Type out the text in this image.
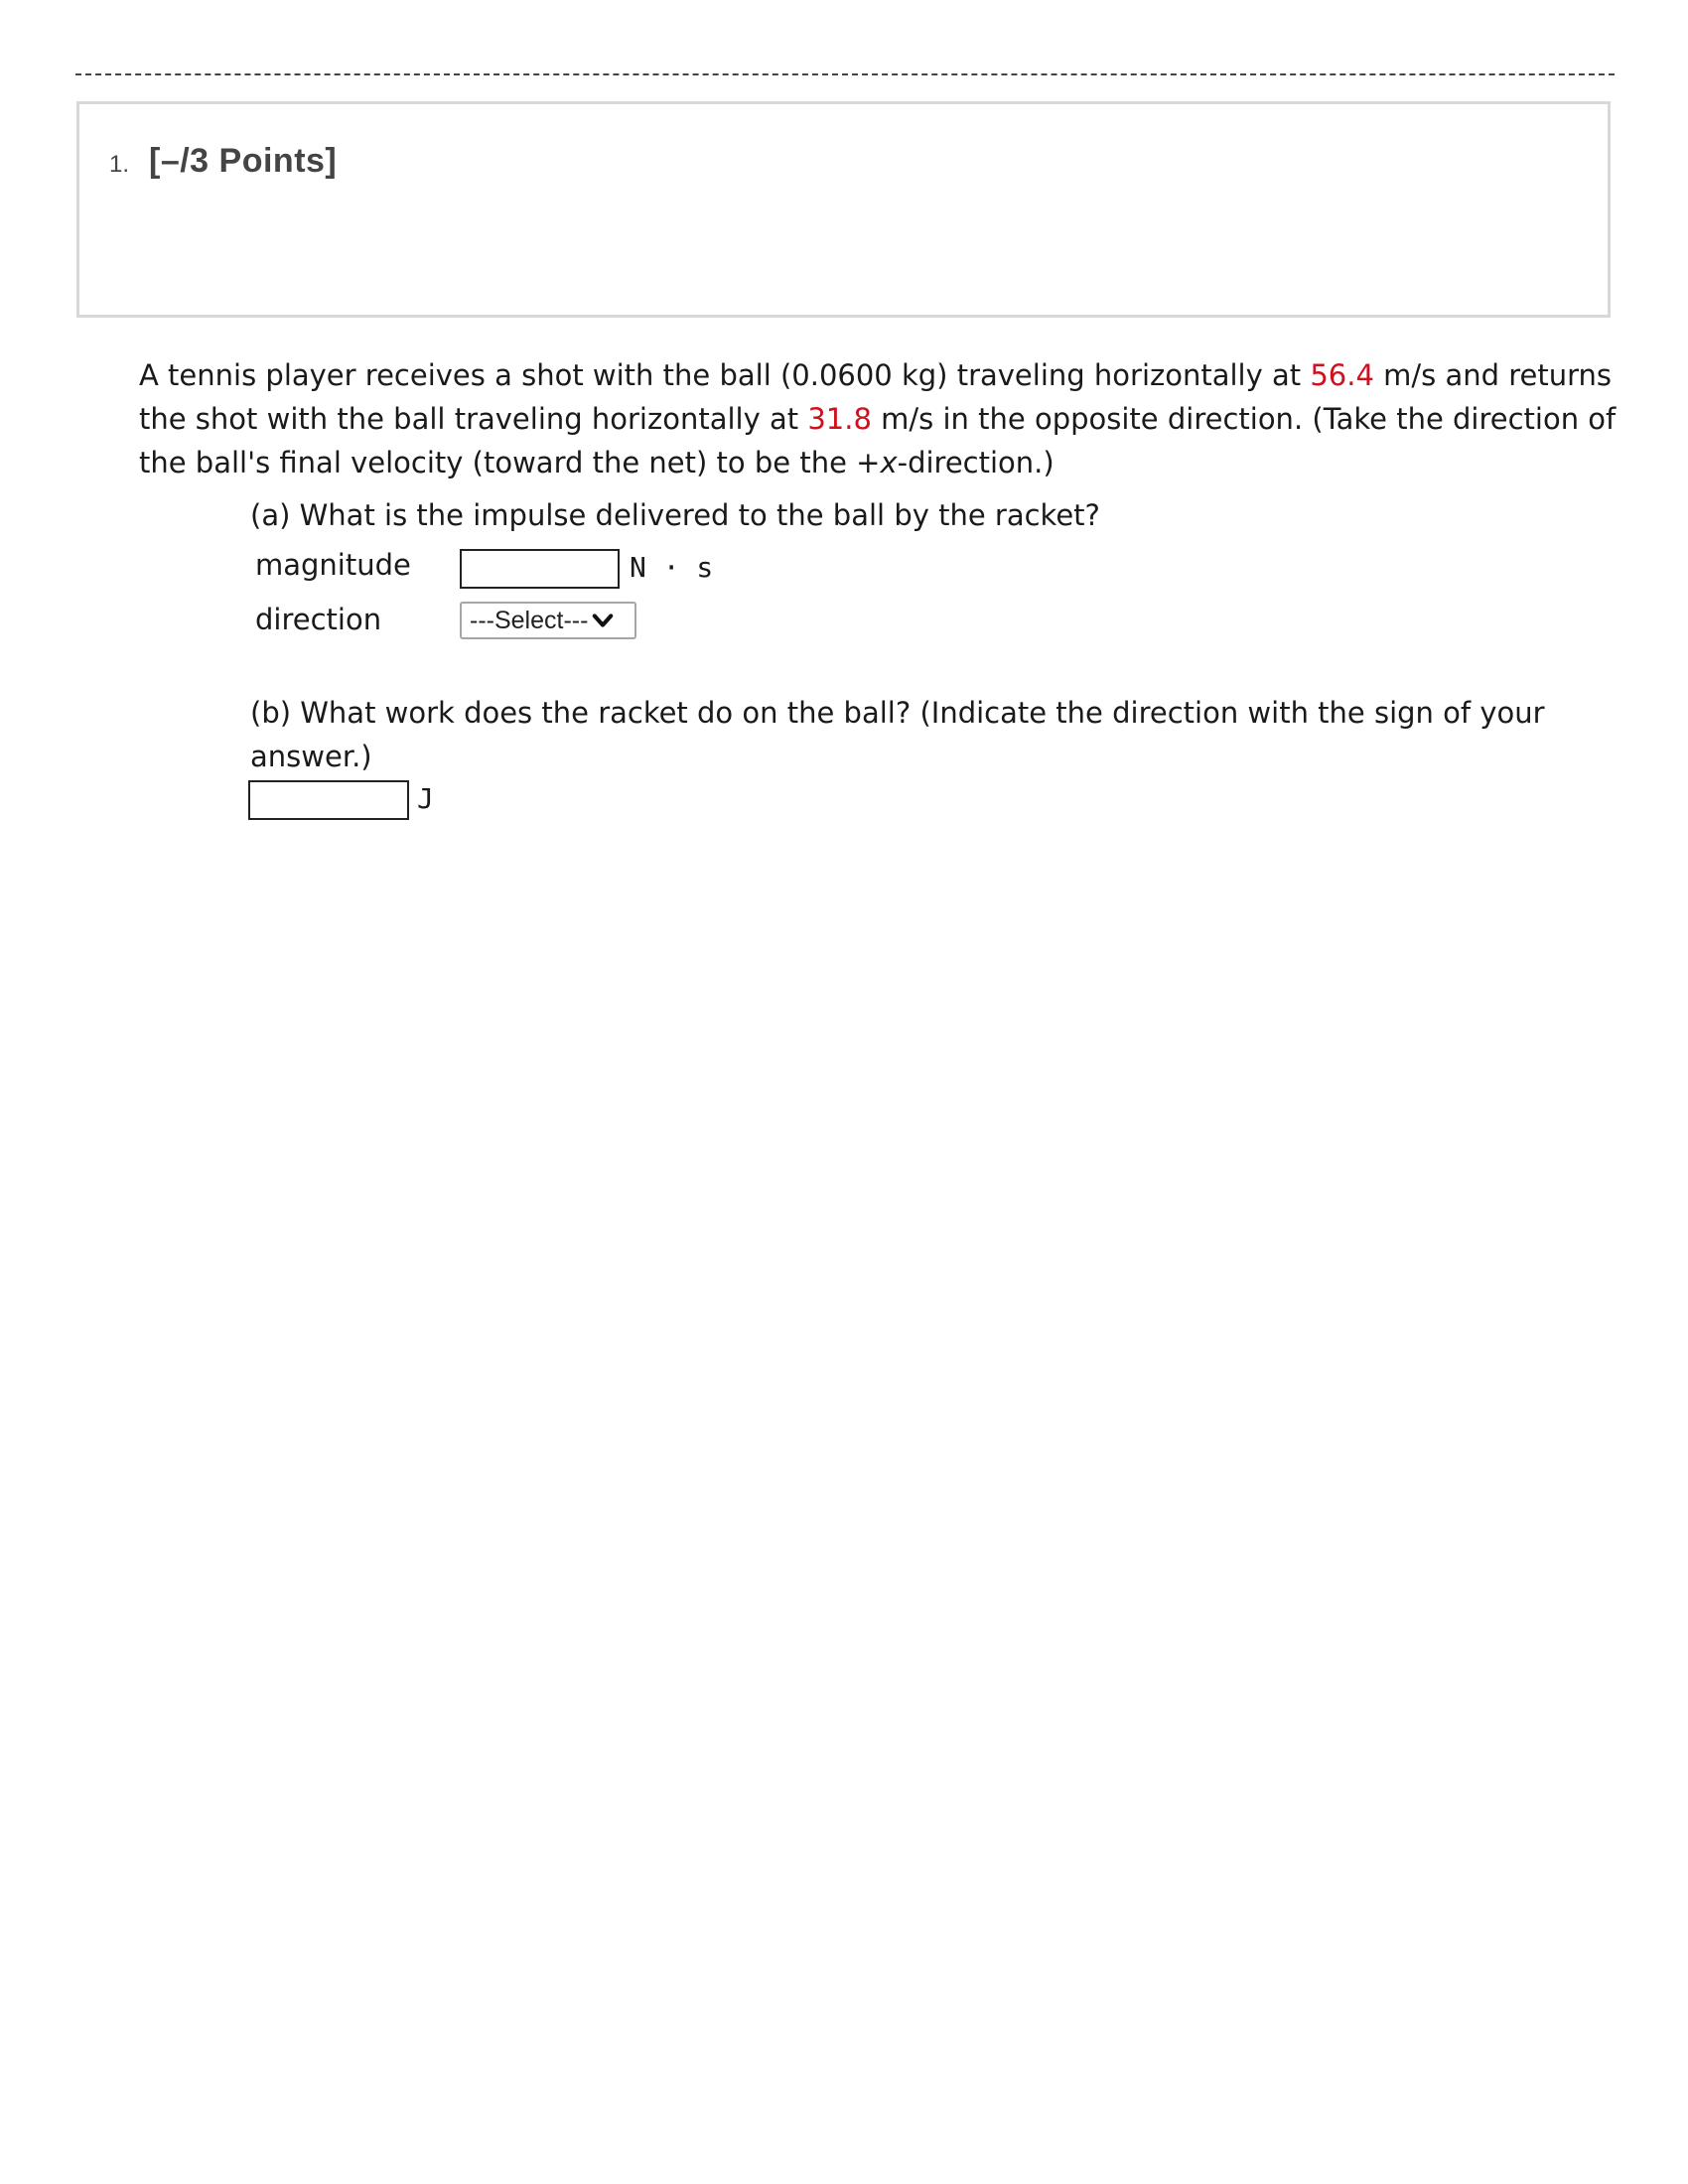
1. [–/3 Points]
A tennis player receives a shot with the ball (0.0600 kg) traveling horizontally at 56.4 m/s and returns
the shot with the ball traveling horizontally at 31.8 m/s in the opposite direction. (Take the direction of
the ball's final velocity (toward the net) to be the +x-direction.)
(a) What is the impulse delivered to the ball by the racket?
magnitude	N · s
direction	---Select---
(b) What work does the racket do on the ball? (Indicate the direction with the sign of your
answer.)
J
